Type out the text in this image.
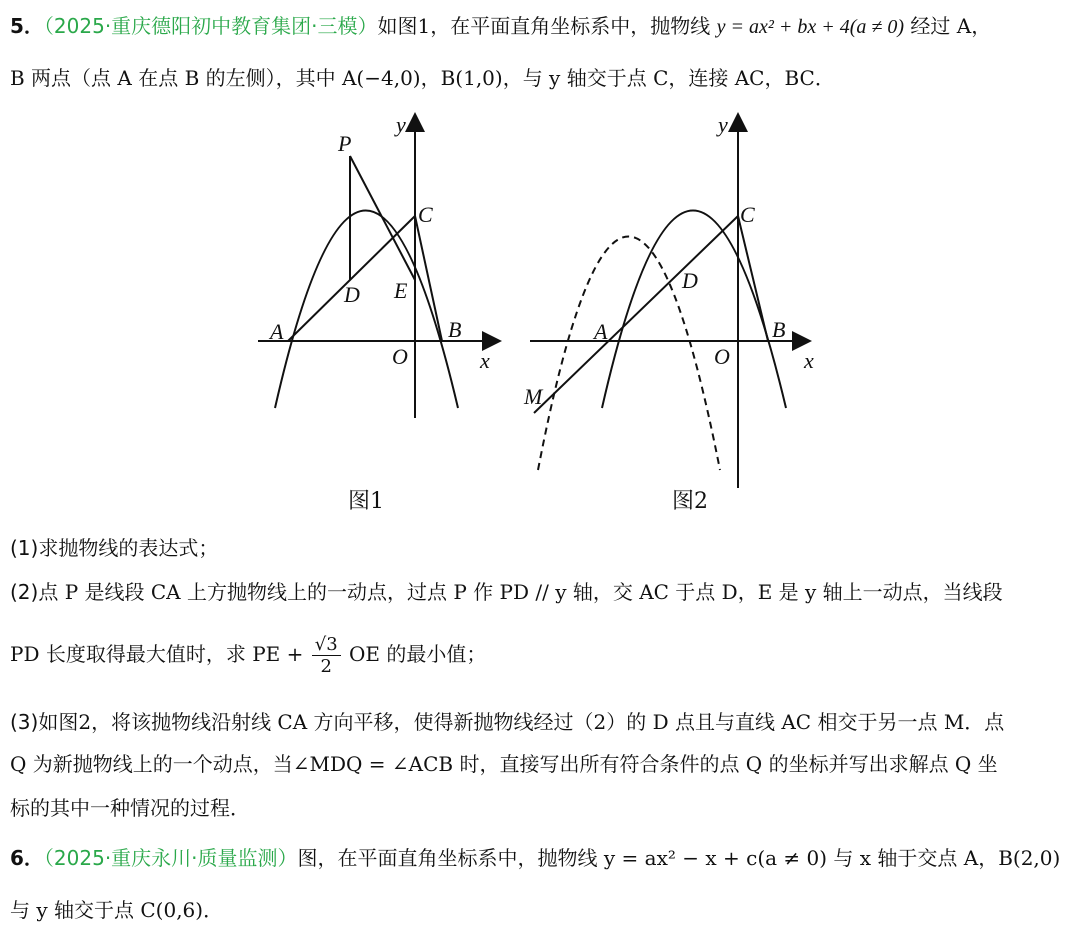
5．（2025·重庆德阳初中教育集团·三模）如图1，在平面直角坐标系中，抛物线 y = ax² + bx + 4(a ≠ 0) 经过 A，
B 两点（点 A 在点 B 的左侧），其中 A(−4,0)，B(1,0)，与 y 轴交于点 C，连接 AC，BC．
y
P
C
D E
A	B
O	x
图1
y
C
D
A	B
O	x
M
图2
(1)求抛物线的表达式；
(2)点 P 是线段 CA 上方抛物线上的一动点，过点 P 作 PD // y 轴，交 AC 于点 D，E 是 y 轴上一动点，当线段
PD 长度取得最大值时，求 PE + $\frac{√3}{2}$ OE 的最小值；
(3)如图2，将该抛物线沿射线 CA 方向平移，使得新抛物线经过（2）的 D 点且与直线 AC 相交于另一点 M．点
Q 为新抛物线上的一个动点，当∠MDQ = ∠ACB 时，直接写出所有符合条件的点 Q 的坐标并写出求解点 Q 坐
标的其中一种情况的过程．
6．（2025·重庆永川·质量监测）图，在平面直角坐标系中，抛物线 y = ax² − x + c(a ≠ 0) 与 x 轴于交点 A，B(2,0)
与 y 轴交于点 C(0,6)．
